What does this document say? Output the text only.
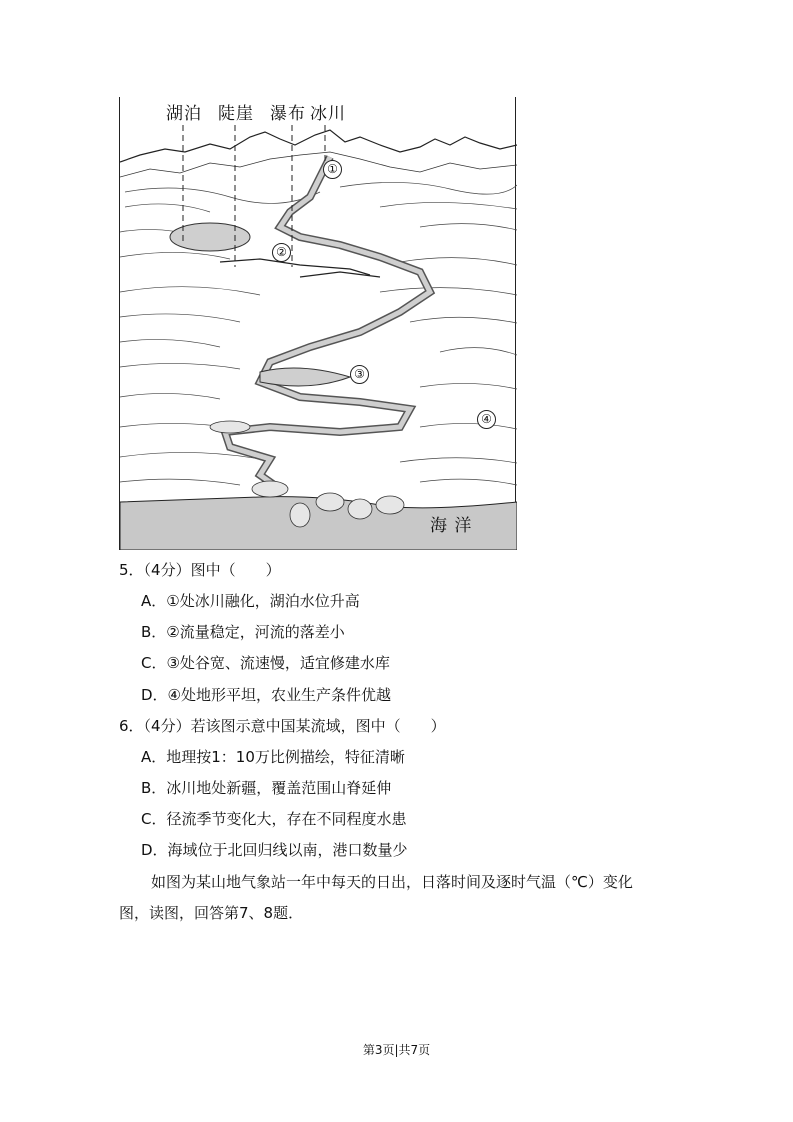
湖泊 陡崖 瀑布 冰川
海 洋
①
②
③
④
5．（4分）图中（　　）
A．①处冰川融化，湖泊水位升高
B．②流量稳定，河流的落差小
C．③处谷宽、流速慢，适宜修建水库
D．④处地形平坦，农业生产条件优越
6．（4分）若该图示意中国某流域，图中（　　）
A．地理按1：10万比例描绘，特征清晰
B．冰川地处新疆，覆盖范围山脊延伸
C．径流季节变化大，存在不同程度水患
D．海域位于北回归线以南，港口数量少
如图为某山地气象站一年中每天的日出，日落时间及逐时气温（℃）变化
图，读图，回答第7、8题．
第3页|共7页
